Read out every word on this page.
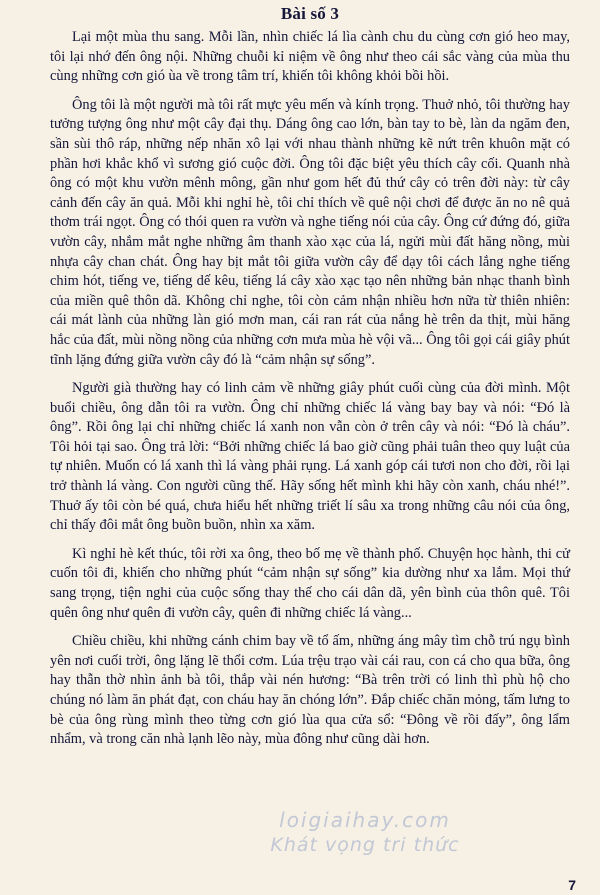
Bài số 3

Lại một mùa thu sang. Mỗi lần, nhìn chiếc lá lìa cành chu du cùng cơn gió heo may, tôi lại nhớ đến ông nội. Những chuỗi kỉ niệm về ông như theo cái sắc vàng của mùa thu cùng những cơn gió ùa về trong tâm trí, khiến tôi không khỏi bồi hồi.

Ông tôi là một người mà tôi rất mực yêu mến và kính trọng. Thuở nhỏ, tôi thường hay tưởng tượng ông như một cây đại thụ. Dáng ông cao lớn, bàn tay to bè, làn da ngăm đen, sần sùi thô ráp, những nếp nhăn xô lại với nhau thành những kẽ nứt trên khuôn mặt có phần hơi khắc khổ vì sương gió cuộc đời. Ông tôi đặc biệt yêu thích cây cối. Quanh nhà ông có một khu vườn mênh mông, gần như gom hết đủ thứ cây cỏ trên đời này: từ cây cảnh đến cây ăn quả. Mỗi khi nghỉ hè, tôi chỉ thích về quê nội chơi để được ăn no nê quả thơm trái ngọt. Ông có thói quen ra vườn và nghe tiếng nói của cây. Ông cứ đứng đó, giữa vườn cây, nhắm mắt nghe những âm thanh xào xạc của lá, ngửi mùi đất hăng nồng, mùi nhựa cây chan chát. Ông hay bịt mắt tôi giữa vườn cây để dạy tôi cách lắng nghe tiếng chim hót, tiếng ve, tiếng dế kêu, tiếng lá cây xào xạc tạo nên những bản nhạc thanh bình của miền quê thôn dã. Không chỉ nghe, tôi còn cảm nhận nhiều hơn nữa từ thiên nhiên: cái mát lành của những làn gió mơn man, cái ran rát của nắng hè trên da thịt, mùi hăng hắc của đất, mùi nồng nồng của những cơn mưa mùa hè vội vã... Ông tôi gọi cái giây phút tĩnh lặng đứng giữa vườn cây đó là “cảm nhận sự sống”.

Người già thường hay có linh cảm về những giây phút cuối cùng của đời mình. Một buổi chiều, ông dẫn tôi ra vườn. Ông chỉ những chiếc lá vàng bay bay và nói: “Đó là ông”. Rồi ông lại chỉ những chiếc lá xanh non vẫn còn ở trên cây và nói: “Đó là cháu”. Tôi hỏi tại sao. Ông trả lời: “Bởi những chiếc lá bao giờ cũng phải tuân theo quy luật của tự nhiên. Muốn có lá xanh thì lá vàng phải rụng. Lá xanh góp cái tươi non cho đời, rồi lại trở thành lá vàng. Con người cũng thế. Hãy sống hết mình khi hãy còn xanh, cháu nhé!”. Thuở ấy tôi còn bé quá, chưa hiểu hết những triết lí sâu xa trong những câu nói của ông, chỉ thấy đôi mắt ông buồn buồn, nhìn xa xăm.

Kì nghỉ hè kết thúc, tôi rời xa ông, theo bố mẹ về thành phố. Chuyện học hành, thi cử cuốn tôi đi, khiến cho những phút “cảm nhận sự sống” kia dường như xa lắm. Mọi thứ sang trọng, tiện nghi của cuộc sống thay thế cho cái dân dã, yên bình của thôn quê. Tôi quên ông như quên đi vườn cây, quên đi những chiếc lá vàng...

Chiều chiều, khi những cánh chim bay về tổ ấm, những áng mây tìm chỗ trú ngụ bình yên nơi cuối trời, ông lặng lẽ thổi cơm. Lúa trệu trạo vài cái rau, con cá cho qua bữa, ông hay thẫn thờ nhìn ảnh bà tôi, thắp vài nén hương: “Bà trên trời có linh thì phù hộ cho chúng nó làm ăn phát đạt, con cháu hay ăn chóng lớn”. Đắp chiếc chăn mỏng, tấm lưng to bè của ông rùng mình theo từng cơn gió lùa qua cửa sổ: “Đông về rồi đấy”, ông lẩm nhẩm, và trong căn nhà lạnh lẽo này, mùa đông như cũng dài hơn.

loigiaihay.com
Khát vọng tri thức
7
